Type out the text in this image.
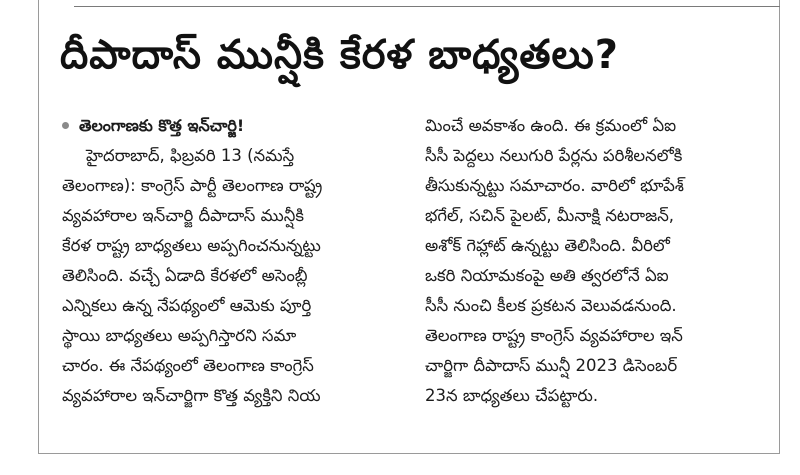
దీపాదాస్ మున్షీకి కేరళ బాధ్యతలు?
తెలంగాణకు కొత్త ఇన్‌చార్జి!
హైదరాబాద్, ఫిబ్రవరి 13 (నమస్తే
తెలంగాణ): కాంగ్రెస్ పార్టీ తెలంగాణ రాష్ట్ర
వ్యవహారాల ఇన్‌చార్జి దీపాదాస్ మున్షీకి
కేరళ రాష్ట్ర బాధ్యతలు అప్పగించనున్నట్టు
తెలిసింది. వచ్చే ఏడాది కేరళలో అసెంబ్లీ
ఎన్నికలు ఉన్న నేపథ్యంలో ఆమెకు పూర్తి
స్థాయి బాధ్యతలు అప్పగిస్తారని సమా
చారం. ఈ నేపథ్యంలో తెలంగాణ కాంగ్రెస్
వ్యవహారాల ఇన్‌చార్జిగా కొత్త వ్యక్తిని నియ
మించే అవకాశం ఉంది. ఈ క్రమంలో ఏఐ
సీసీ పెద్దలు నలుగురి పేర్లను పరిశీలనలోకి
తీసుకున్నట్టు సమాచారం. వారిలో భూపేశ్
భగేల్, సచిన్ పైలట్, మీనాక్షి నటరాజన్,
అశోక్ గెహ్లాట్ ఉన్నట్టు తెలిసింది. వీరిలో
ఒకరి నియామకంపై అతి త్వరలోనే ఏఐ
సీసీ నుంచి కీలక ప్రకటన వెలువడనుంది.
తెలంగాణ రాష్ట్ర కాంగ్రెస్ వ్యవహారాల ఇన్
చార్జిగా దీపాదాస్ మున్షీ 2023 డిసెంబర్
23న బాధ్యతలు చేపట్టారు.
